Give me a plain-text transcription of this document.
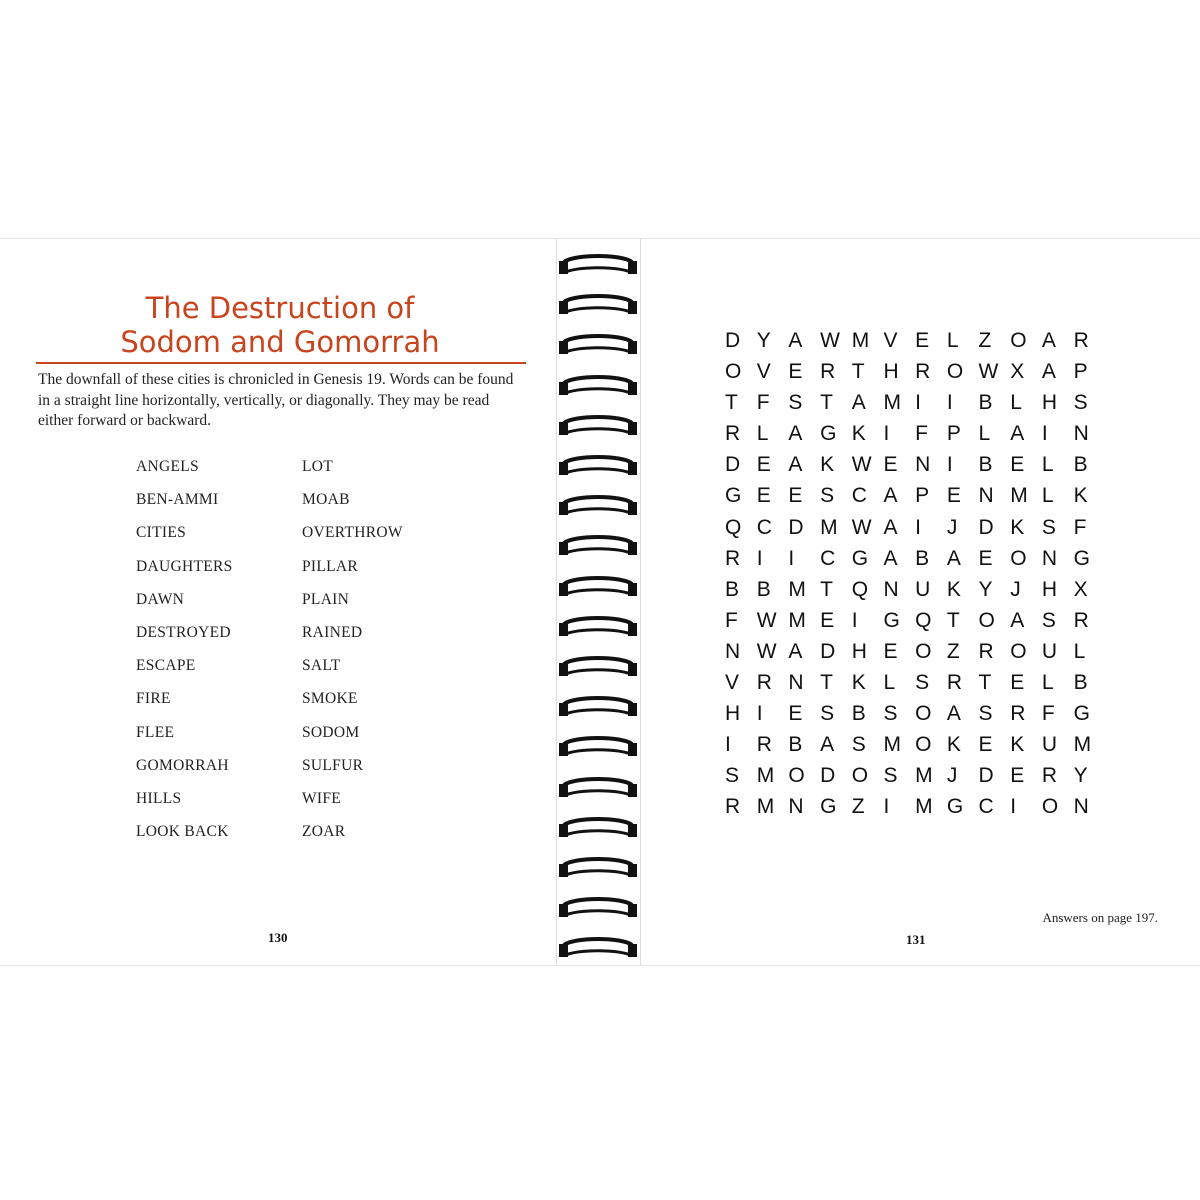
The Destruction of
Sodom and Gomorrah
The downfall of these cities is chronicled in Genesis 19. Words can be found in a straight line horizontally, vertically, or diagonally. They may be read either forward or backward.
ANGELS
BEN-AMMI
CITIES
DAUGHTERS
DAWN
DESTROYED
ESCAPE
FIRE
FLEE
GOMORRAH
HILLS
LOOK BACK
LOT
MOAB
OVERTHROW
PILLAR
PLAIN
RAINED
SALT
SMOKE
SODOM
SULFUR
WIFE
ZOAR
130
D Y A W M V E L Z O A R
O V E R T H R O W X A P
T F S T A M I	I	B L H S
R L A G K I	F P L A I	N
D E A K W E N I	B E L B
G E E S C A P E N M L K
Q C D M W A I	J	D K S F
R I	I	C G A B A E O N G
B B M T Q N U K Y J	H X
F W M E I	G Q T O A S R
N W A D H E O Z R O U L
V R N T K L S R T E L B
H I	E S B S O A S R F G
I	R B A S M O K E K U M
S M O D O S M J	D E R Y
R M N G Z I	M G C I	O N
Answers on page 197.
131
